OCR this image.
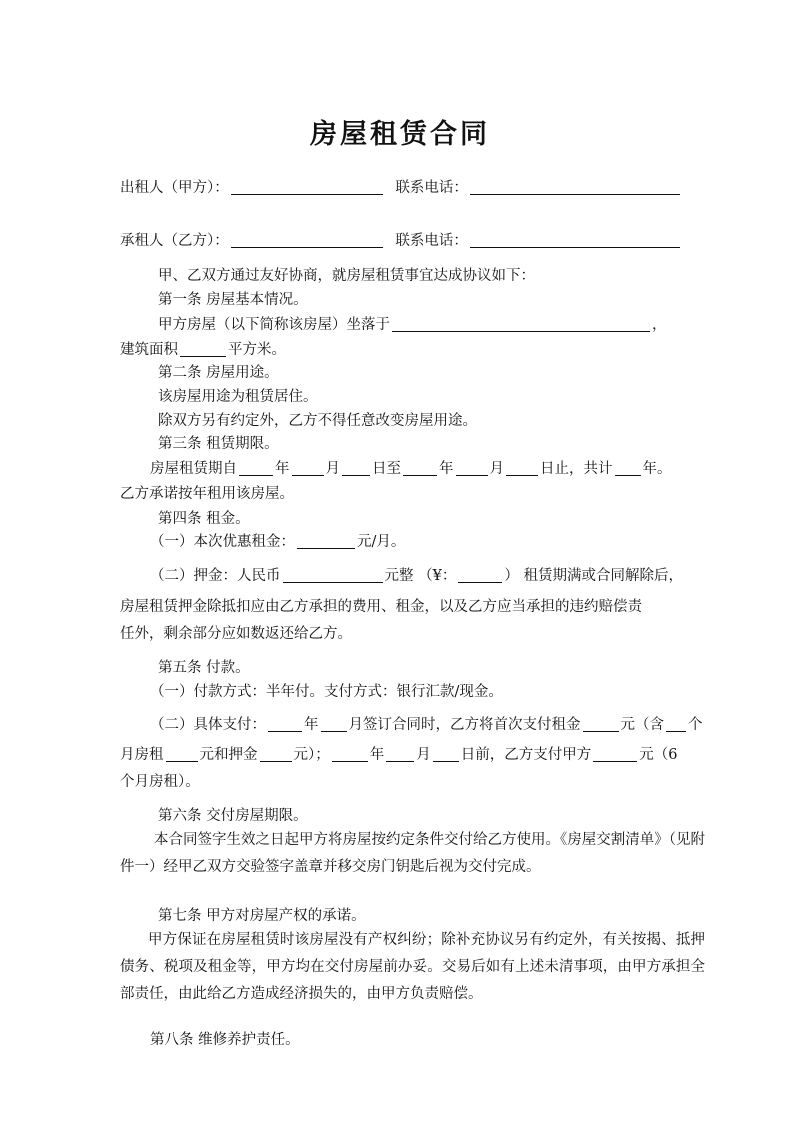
房屋租赁合同
出租人（甲方）：	联系电话：
承租人（乙方）：	联系电话：
甲、乙双方通过友好协商，就房屋租赁事宜达成协议如下：
第一条 房屋基本情况。
甲方房屋（以下简称该房屋）坐落于	，
建筑面积	平方米。
第二条 房屋用途。
该房屋用途为租赁居住。
除双方另有约定外，乙方不得任意改变房屋用途。
第三条 租赁期限。
房屋租赁期自	年 月 日至	年 月 日止，共计 年。
乙方承诺按年租用该房屋。
第四条 租金。
（一）本次优惠租金：	元/月。
（二）押金：人民币	元整 （¥：	） 租赁期满或合同解除后，
房屋租赁押金除抵扣应由乙方承担的费用、租金，以及乙方应当承担的违约赔偿责
任外，剩余部分应如数返还给乙方。
第五条 付款。
（一）付款方式：半年付。支付方式：银行汇款/现金。
（二）具体支付：	年 月签订合同时，乙方将首次支付租金	元（含 个
月房租 元和押金 元）；	年 月 日前，乙方支付甲方	元（6
个月房租）。
第六条 交付房屋期限。
本合同签字生效之日起甲方将房屋按约定条件交付给乙方使用。《房屋交割清单》（见附件一）经甲乙双方交验签字盖章并移交房门钥匙后视为交付完成。
第七条 甲方对房屋产权的承诺。
甲方保证在房屋租赁时该房屋没有产权纠纷；除补充协议另有约定外，有关按揭、抵押债务、税项及租金等，甲方均在交付房屋前办妥。交易后如有上述未清事项，由甲方承担全部责任，由此给乙方造成经济损失的，由甲方负责赔偿。
第八条 维修养护责任。
